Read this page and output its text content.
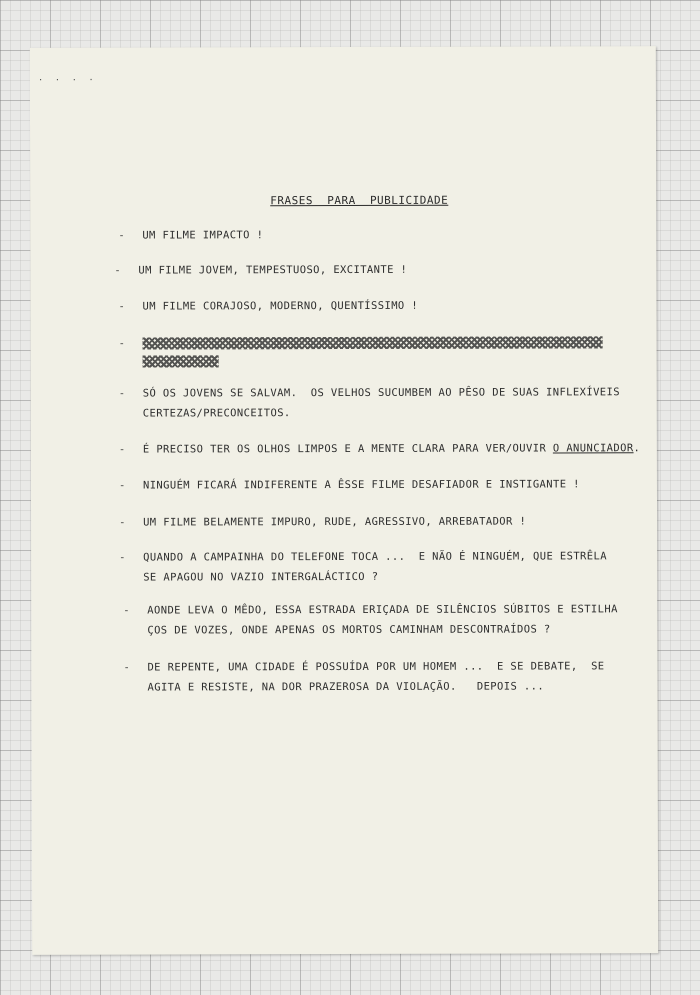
· · · ·
FRASES  PARA  PUBLICIDADE
- UM FILME IMPACTO !
- UM FILME JOVEM, TEMPESTUOSO, EXCITANTE !
- UM FILME CORAJOSO, MODERNO, QUENTÍSSIMO !
-
- SÓ OS JOVENS SE SALVAM.  OS VELHOS SUCUMBEM AO PÊSO DE SUAS INFLEXÍVEIS
CERTEZAS/PRECONCEITOS.
- É PRECISO TER OS OLHOS LIMPOS E A MENTE CLARA PARA VER/OUVIR O ANUNCIADOR.
- NINGUÉM FICARÁ INDIFERENTE A ÊSSE FILME DESAFIADOR E INSTIGANTE !
- UM FILME BELAMENTE IMPURO, RUDE, AGRESSIVO, ARREBATADOR !
- QUANDO A CAMPAINHA DO TELEFONE TOCA ...  E NÃO É NINGUÉM, QUE ESTRÊLA
SE APAGOU NO VAZIO INTERGALÁCTICO ?
- AONDE LEVA O MÊDO, ESSA ESTRADA ERIÇADA DE SILÊNCIOS SÚBITOS E ESTILHA
ÇOS DE VOZES, ONDE APENAS OS MORTOS CAMINHAM DESCONTRAÍDOS ?
- DE REPENTE, UMA CIDADE É POSSUÍDA POR UM HOMEM ...  E SE DEBATE,  SE
AGITA E RESISTE, NA DOR PRAZEROSA DA VIOLAÇÃO.   DEPOIS ...
